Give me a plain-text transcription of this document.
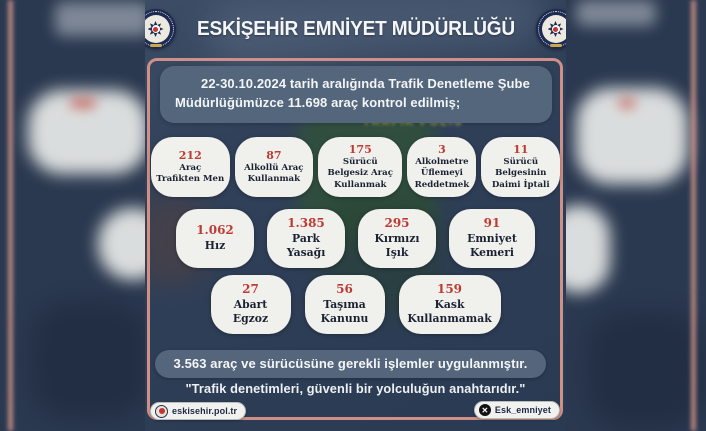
ESKİŞEHİR EMNİYET MÜDÜRLÜĞÜ
22-30.10.2024 tarih aralığında Trafik Denetleme Şube Müdürlüğümüzce 11.698 araç kontrol edilmiş;
212
Araç Trafikten Men
87
Alkollü Araç Kullanmak
175
Sürücü Belgesiz Araç Kullanmak
3
Alkolmetre Üflemeyi Reddetmek
11
Sürücü Belgesinin Daimi İptali
1.062
Hız
1.385
Park Yasağı
295
Kırmızı Işık
91
Emniyet Kemeri
27
Abart Egzoz
56
Taşıma Kanunu
159
Kask Kullanmamak
3.563 araç ve sürücüsüne gerekli işlemler uygulanmıştır.
"Trafik denetimleri, güvenli bir yolculuğun anahtarıdır."
eskisehir.pol.tr	✕ Esk_emniyet
